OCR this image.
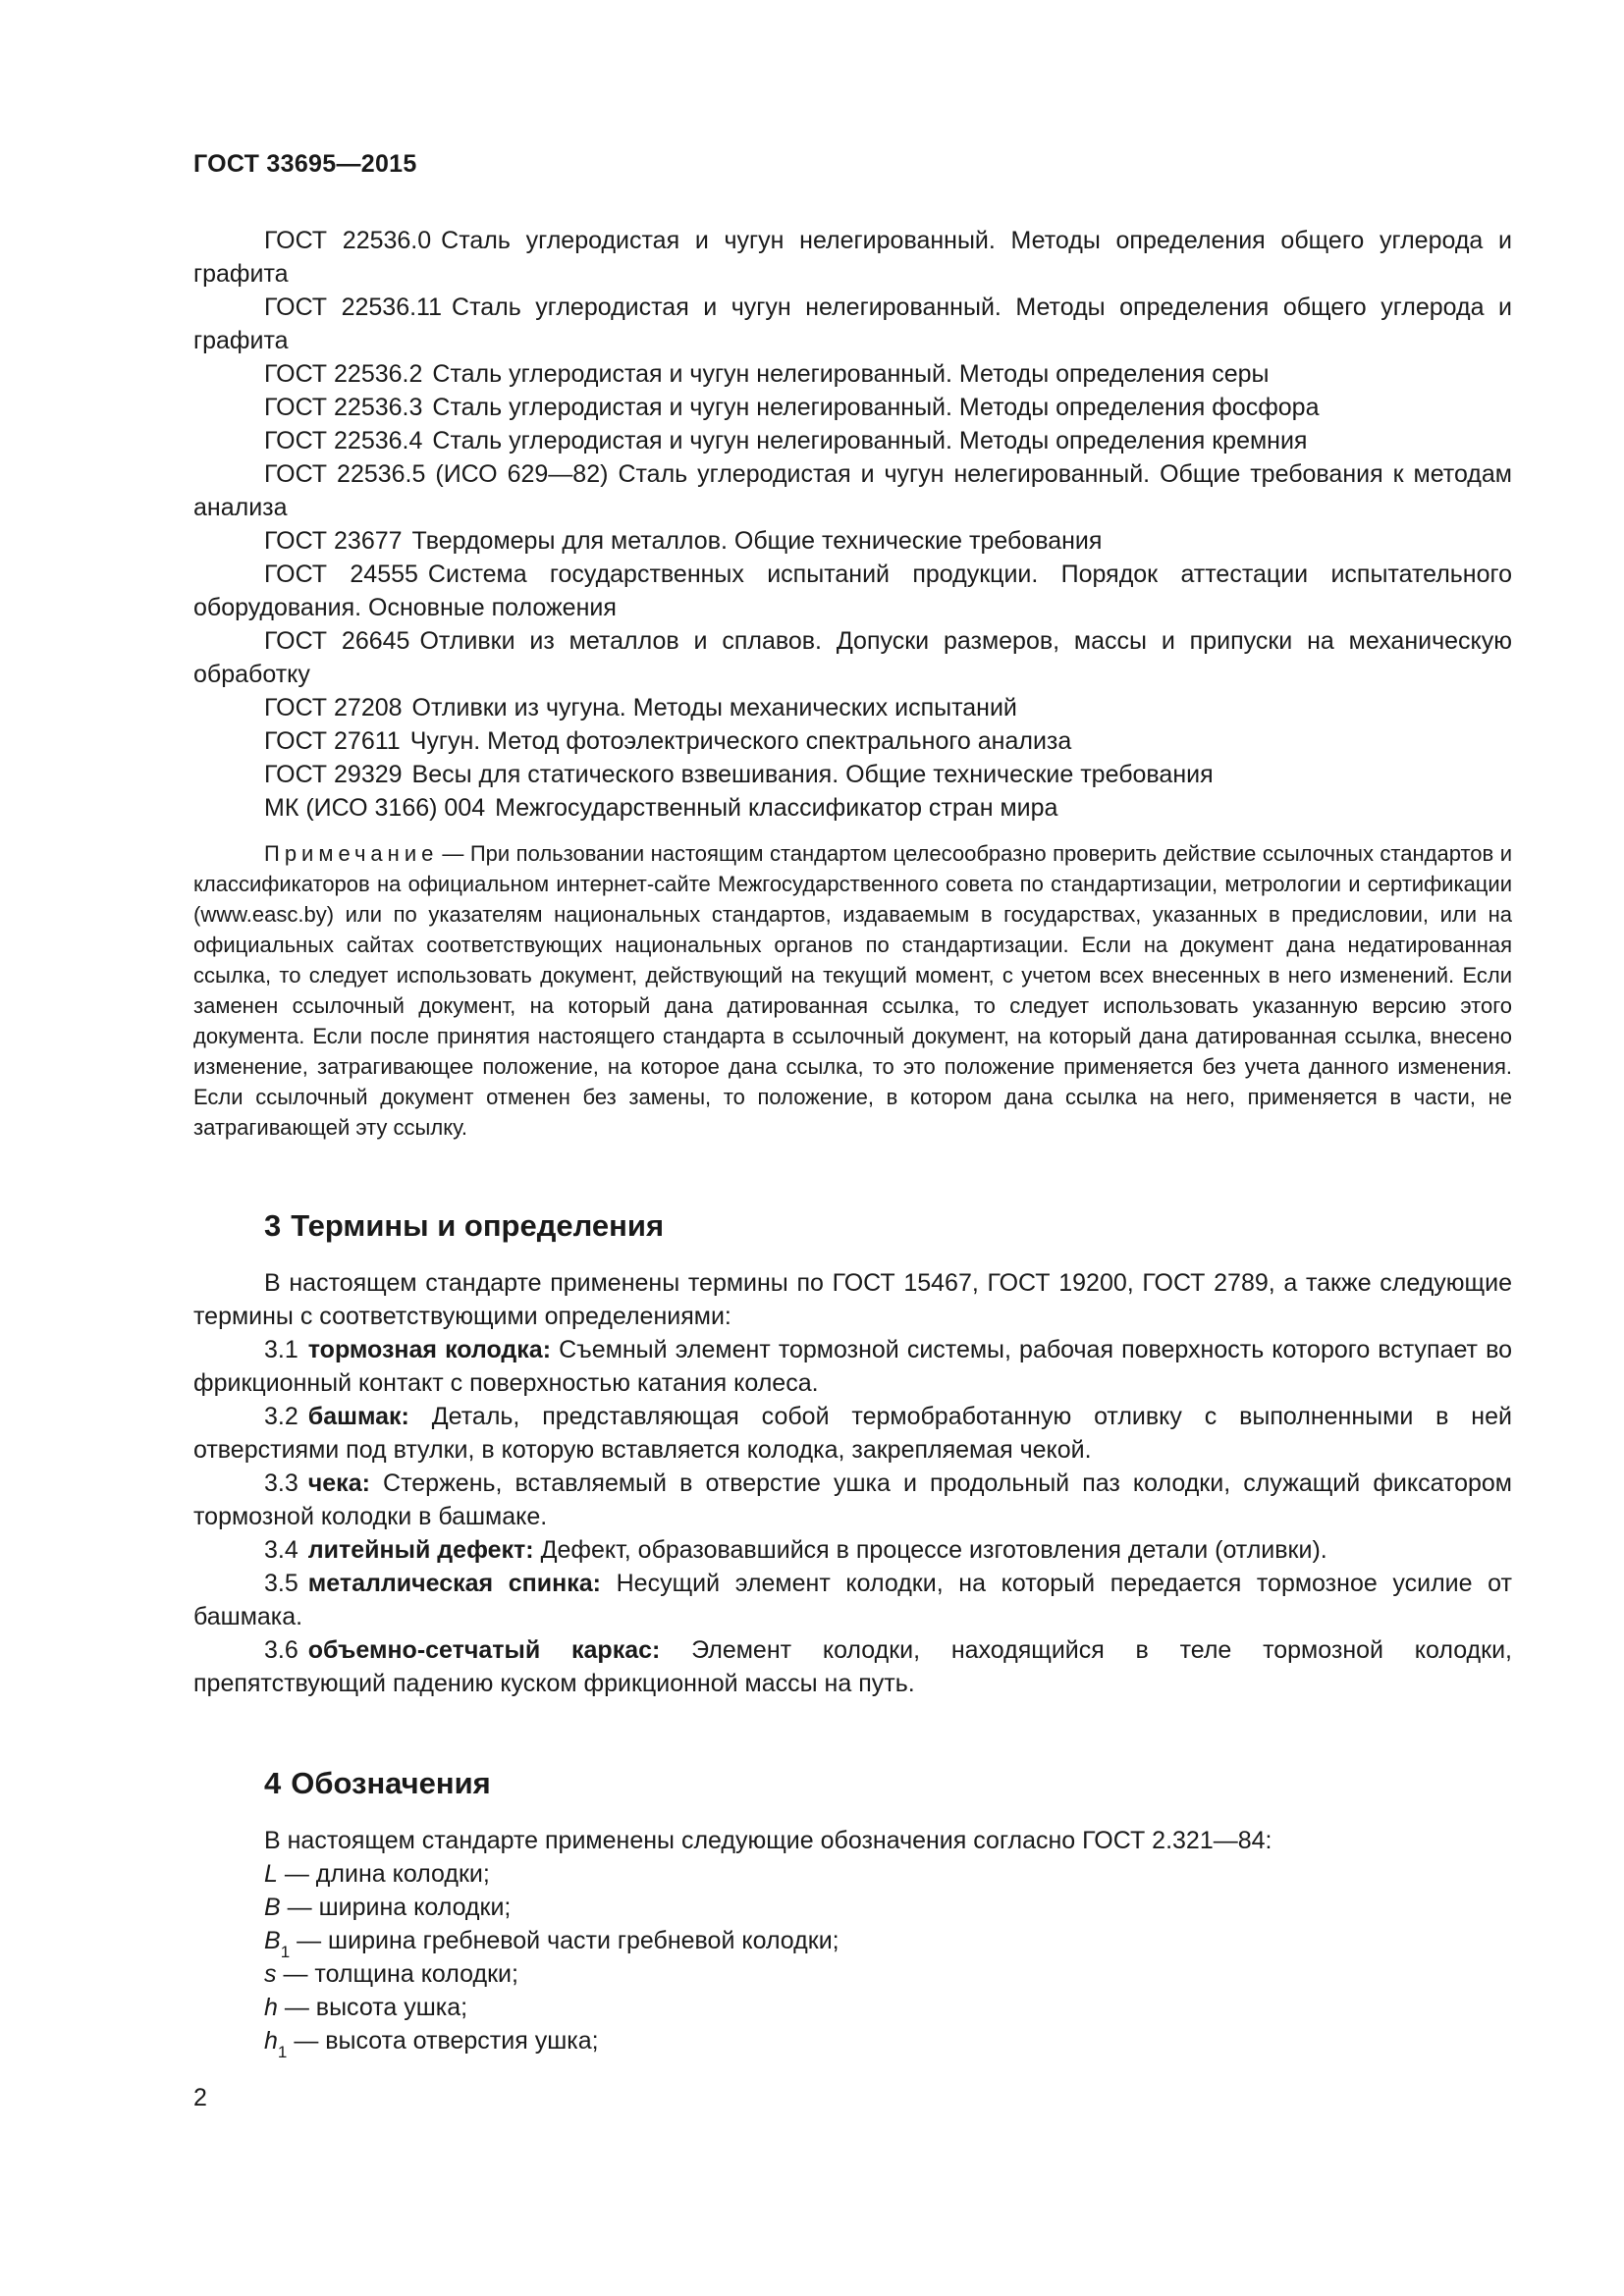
ГОСТ 33695—2015

ГОСТ 22536.0 Сталь углеродистая и чугун нелегированный. Методы определения общего углерода и графита

ГОСТ 22536.11 Сталь углеродистая и чугун нелегированный. Методы определения общего углерода и графита

ГОСТ 22536.2 Сталь углеродистая и чугун нелегированный. Методы определения серы

ГОСТ 22536.3 Сталь углеродистая и чугун нелегированный. Методы определения фосфора

ГОСТ 22536.4 Сталь углеродистая и чугун нелегированный. Методы определения кремния

ГОСТ 22536.5 (ИСО 629—82) Сталь углеродистая и чугун нелегированный. Общие требования к методам анализа

ГОСТ 23677 Твердомеры для металлов. Общие технические требования

ГОСТ 24555 Система государственных испытаний продукции. Порядок аттестации испытательного оборудования. Основные положения

ГОСТ 26645 Отливки из металлов и сплавов. Допуски размеров, массы и припуски на механическую обработку

ГОСТ 27208 Отливки из чугуна. Методы механических испытаний

ГОСТ 27611 Чугун. Метод фотоэлектрического спектрального анализа

ГОСТ 29329 Весы для статического взвешивания. Общие технические требования

МК (ИСО 3166) 004 Межгосударственный классификатор стран мира

Примечание — При пользовании настоящим стандартом целесообразно проверить действие ссылочных стандартов и классификаторов на официальном интернет-сайте Межгосударственного совета по стандартизации, метрологии и сертификации (www.easc.by) или по указателям национальных стандартов, издаваемым в государствах, указанных в предисловии, или на официальных сайтах соответствующих национальных органов по стандартизации. Если на документ дана недатированная ссылка, то следует использовать документ, действующий на текущий момент, с учетом всех внесенных в него изменений. Если заменен ссылочный документ, на который дана датированная ссылка, то следует использовать указанную версию этого документа. Если после принятия настоящего стандарта в ссылочный документ, на который дана датированная ссылка, внесено изменение, затрагивающее положение, на которое дана ссылка, то это положение применяется без учета данного изменения. Если ссылочный документ отменен без замены, то положение, в котором дана ссылка на него, применяется в части, не затрагивающей эту ссылку.

3 Термины и определения

В настоящем стандарте применены термины по ГОСТ 15467, ГОСТ 19200, ГОСТ 2789, а также следующие термины с соответствующими определениями:

3.1 тормозная колодка: Съемный элемент тормозной системы, рабочая поверхность которого вступает во фрикционный контакт с поверхностью катания колеса.

3.2 башмак: Деталь, представляющая собой термобработанную отливку с выполненными в ней отверстиями под втулки, в которую вставляется колодка, закрепляемая чекой.

3.3 чека: Стержень, вставляемый в отверстие ушка и продольный паз колодки, служащий фиксатором тормозной колодки в башмаке.

3.4 литейный дефект: Дефект, образовавшийся в процессе изготовления детали (отливки).

3.5 металлическая спинка: Несущий элемент колодки, на который передается тормозное усилие от башмака.

3.6 объемно-сетчатый каркас: Элемент колодки, находящийся в теле тормозной колодки, препятствующий падению куском фрикционной массы на путь.

4 Обозначения

В настоящем стандарте применены следующие обозначения согласно ГОСТ 2.321—84:

L — длина колодки;

B — ширина колодки;

$B_1$ — ширина гребневой части гребневой колодки;

s — толщина колодки;

h — высота ушка;

$h_1$ — высота отверстия ушка;

2
